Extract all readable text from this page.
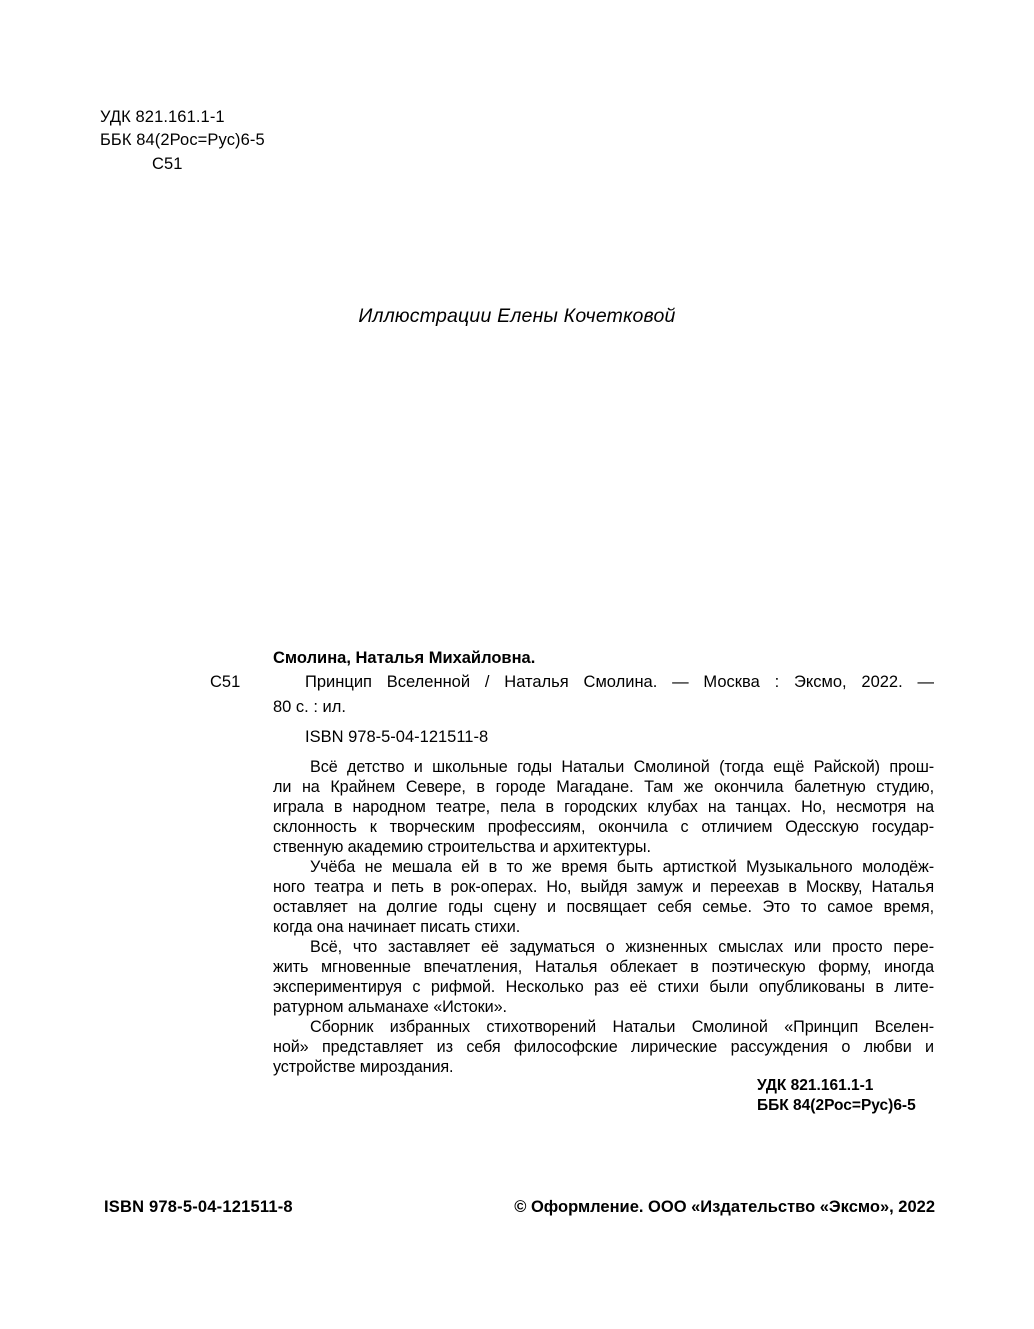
УДК 821.161.1-1
ББК 84(2Рос=Рус)6-5
С51
Иллюстрации Елены Кочетковой
Смолина, Наталья Михайловна.
С51	Принцип Вселенной / Наталья Смолина. — Москва : Эксмо, 2022. —
80 с. : ил.
ISBN 978-5-04-121511-8
Всё детство и школьные годы Натальи Смолиной (тогда ещё Райской) прош-
ли на Крайнем Севере, в городе Магадане. Там же окончила балетную студию,
играла в народном театре, пела в городских клубах на танцах. Но, несмотря на
склонность к творческим профессиям, окончила с отличием Одесскую государ-
ственную академию строительства и архитектуры.
Учёба не мешала ей в то же время быть артисткой Музыкального молодёж-
ного театра и петь в рок-операх. Но, выйдя замуж и переехав в Москву, Наталья
оставляет на долгие годы сцену и посвящает себя семье. Это то самое время,
когда она начинает писать стихи.
Всё, что заставляет её задуматься о жизненных смыслах или просто пере-
жить мгновенные впечатления, Наталья облекает в поэтическую форму, иногда
экспериментируя с рифмой. Несколько раз её стихи были опубликованы в лите-
ратурном альманахе «Истоки».
Сборник избранных стихотворений Натальи Смолиной «Принцип Вселен-
ной» представляет из себя философские лирические рассуждения о любви и
устройстве мироздания.
УДК 821.161.1-1
ББК 84(2Рос=Рус)6-5
ISBN 978-5-04-121511-8	© Оформление. ООО «Издательство «Эксмо», 2022
